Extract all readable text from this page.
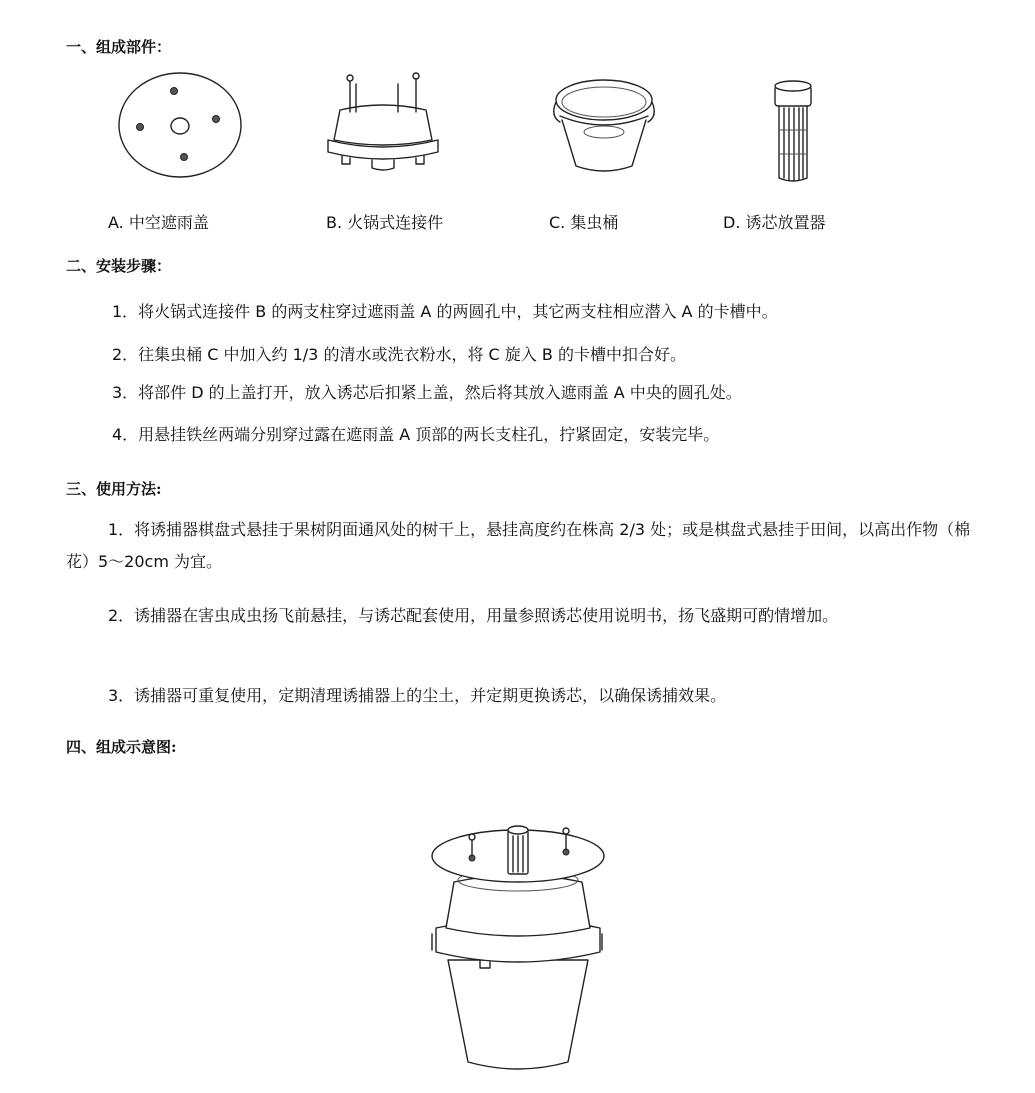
一、组成部件：
A. 中空遮雨盖	B. 火锅式连接件	C. 集虫桶	D. 诱芯放置器
二、安装步骤：
1．将火锅式连接件 B 的两支柱穿过遮雨盖 A 的两圆孔中，其它两支柱相应潜入 A 的卡槽中。
2．往集虫桶 C 中加入约 1/3 的清水或洗衣粉水，将 C 旋入 B 的卡槽中扣合好。
3．将部件 D 的上盖打开，放入诱芯后扣紧上盖，然后将其放入遮雨盖 A 中央的圆孔处。
4．用悬挂铁丝两端分别穿过露在遮雨盖 A 顶部的两长支柱孔，拧紧固定，安装完毕。
三、使用方法:

1．将诱捕器棋盘式悬挂于果树阴面通风处的树干上，悬挂高度约在株高 2/3 处；或是棋盘式悬挂于田间，以高出作物（棉花）5～20cm 为宜。

2．诱捕器在害虫成虫扬飞前悬挂，与诱芯配套使用，用量参照诱芯使用说明书，扬飞盛期可酌情增加。

3．诱捕器可重复使用，定期清理诱捕器上的尘土，并定期更换诱芯，以确保诱捕效果。

四、组成示意图:
